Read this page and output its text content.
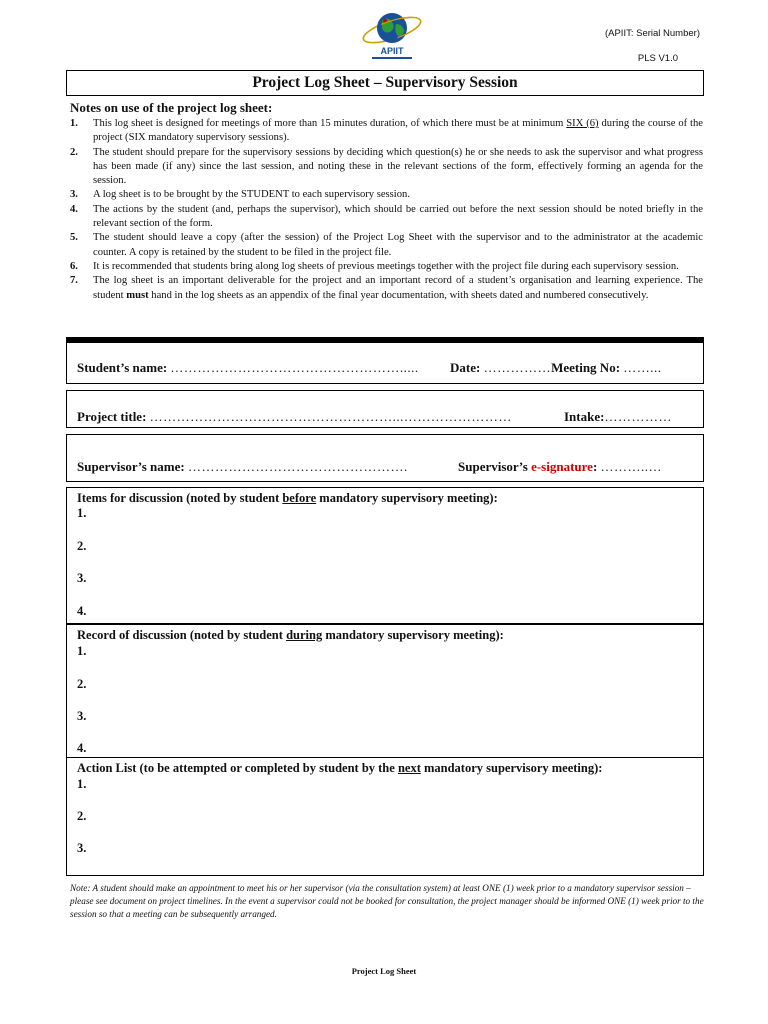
APIIT
(APIIT: Serial Number)
PLS V1.0
Project Log Sheet – Supervisory Session
Notes on use of the project log sheet:
1. This log sheet is designed for meetings of more than 15 minutes duration, of which there must be at minimum SIX (6) during the course of the project (SIX mandatory supervisory sessions).
2. The student should prepare for the supervisory sessions by deciding which question(s) he or she needs to ask the supervisor and what progress has been made (if any) since the last session, and noting these in the relevant sections of the form, effectively forming an agenda for the session.
3. A log sheet is to be brought by the STUDENT to each supervisory session.
4. The actions by the student (and, perhaps the supervisor), which should be carried out before the next session should be noted briefly in the relevant section of the form.
5. The student should leave a copy (after the session) of the Project Log Sheet with the supervisor and to the administrator at the academic counter. A copy is retained by the student to be filed in the project file.
6. It is recommended that students bring along log sheets of previous meetings together with the project file during each supervisory session.
7. The log sheet is an important deliverable for the project and an important record of a student’s organisation and learning experience. The student must hand in the log sheets as an appendix of the final year documentation, with sheets dated and numbered consecutively.
Student’s name: ……………………………………………..... Date: ……………Meeting No: ……...
Project title: ………………………………………………...……………………	Intake:……………
Supervisor’s name: ………………………………………….	Supervisor’s e-signature: ………..…
Items for discussion (noted by student before mandatory supervisory meeting):
1.
2.
3.
4.
Record of discussion (noted by student during mandatory supervisory meeting):
1.
2.
3.
4.
Action List (to be attempted or completed by student by the next mandatory supervisory meeting):
1.
2.
3.
Note: A student should make an appointment to meet his or her supervisor (via the consultation system) at least ONE (1) week prior to a mandatory supervisor session – please see document on project timelines. In the event a supervisor could not be booked for consultation, the project manager should be informed ONE (1) week prior to the session so that a meeting can be subsequently arranged.
Project Log Sheet
